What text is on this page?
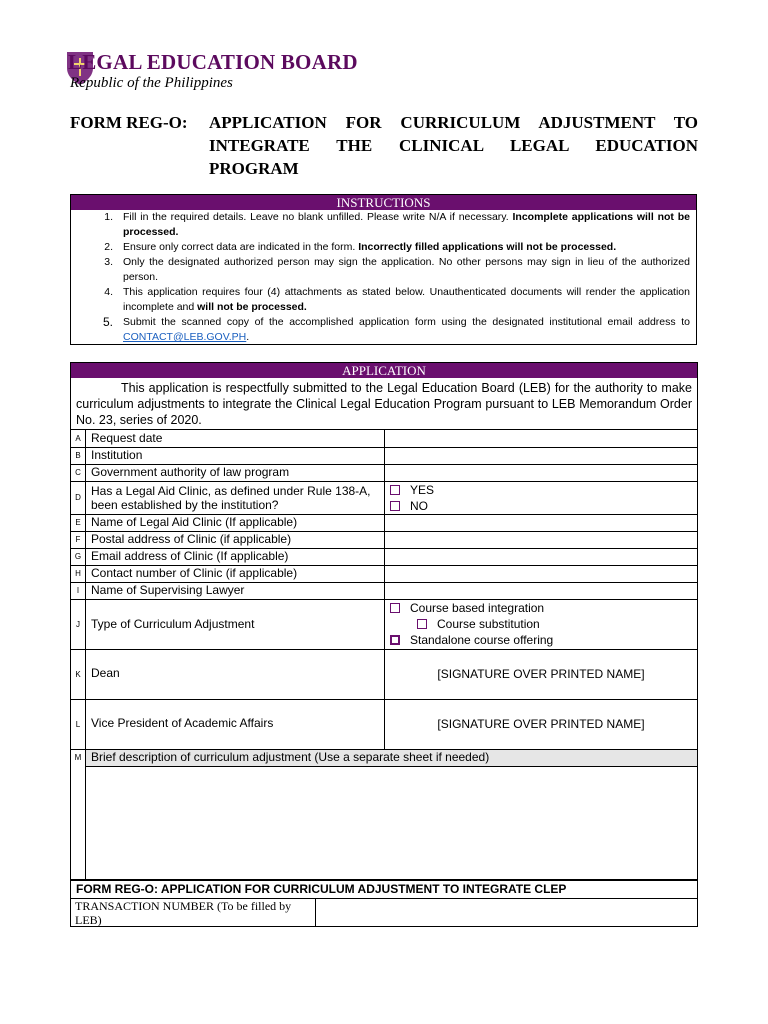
LEGAL EDUCATION BOARD

Republic of the Philippines

FORM REG-O: APPLICATION FOR CURRICULUM ADJUSTMENT TO INTEGRATE THE CLINICAL LEGAL EDUCATION PROGRAM
INSTRUCTIONS
1. Fill in the required details. Leave no blank unfilled. Please write N/A if necessary. Incomplete applications will not be processed.
2. Ensure only correct data are indicated in the form. Incorrectly filled applications will not be processed.
3. Only the designated authorized person may sign the application. No other persons may sign in lieu of the authorized person.
4. This application requires four (4) attachments as stated below. Unauthenticated documents will render the application incomplete and will not be processed.
5. Submit the scanned copy of the accomplished application form using the designated institutional email address to CONTACT@LEB.GOV.PH.
APPLICATION
This application is respectfully submitted to the Legal Education Board (LEB) for the authority to make curriculum adjustments to integrate the Clinical Legal Education Program pursuant to LEB Memorandum Order No. 23, series of 2020.
A	Request date	
B	Institution	
C	Government authority of law program	
D	Has a Legal Aid Clinic, as defined under Rule 138-A, been established by the institution?	YES
NO

E	Name of Legal Aid Clinic (If applicable)	
F	Postal address of Clinic (if applicable)	
G	Email address of Clinic (If applicable)	
H	Contact number of Clinic (if applicable)	
I	Name of Supervising Lawyer	
J	Type of Curriculum Adjustment	Course based integration
Course substitution
Standalone course offering

K	Dean	[SIGNATURE OVER PRINTED NAME]
L	Vice President of Academic Affairs	[SIGNATURE OVER PRINTED NAME]
M	Brief description of curriculum adjustment (Use a separate sheet if needed)	

FORM REG-O: APPLICATION FOR CURRICULUM ADJUSTMENT TO INTEGRATE CLEP
TRANSACTION NUMBER (To be filled by LEB)
